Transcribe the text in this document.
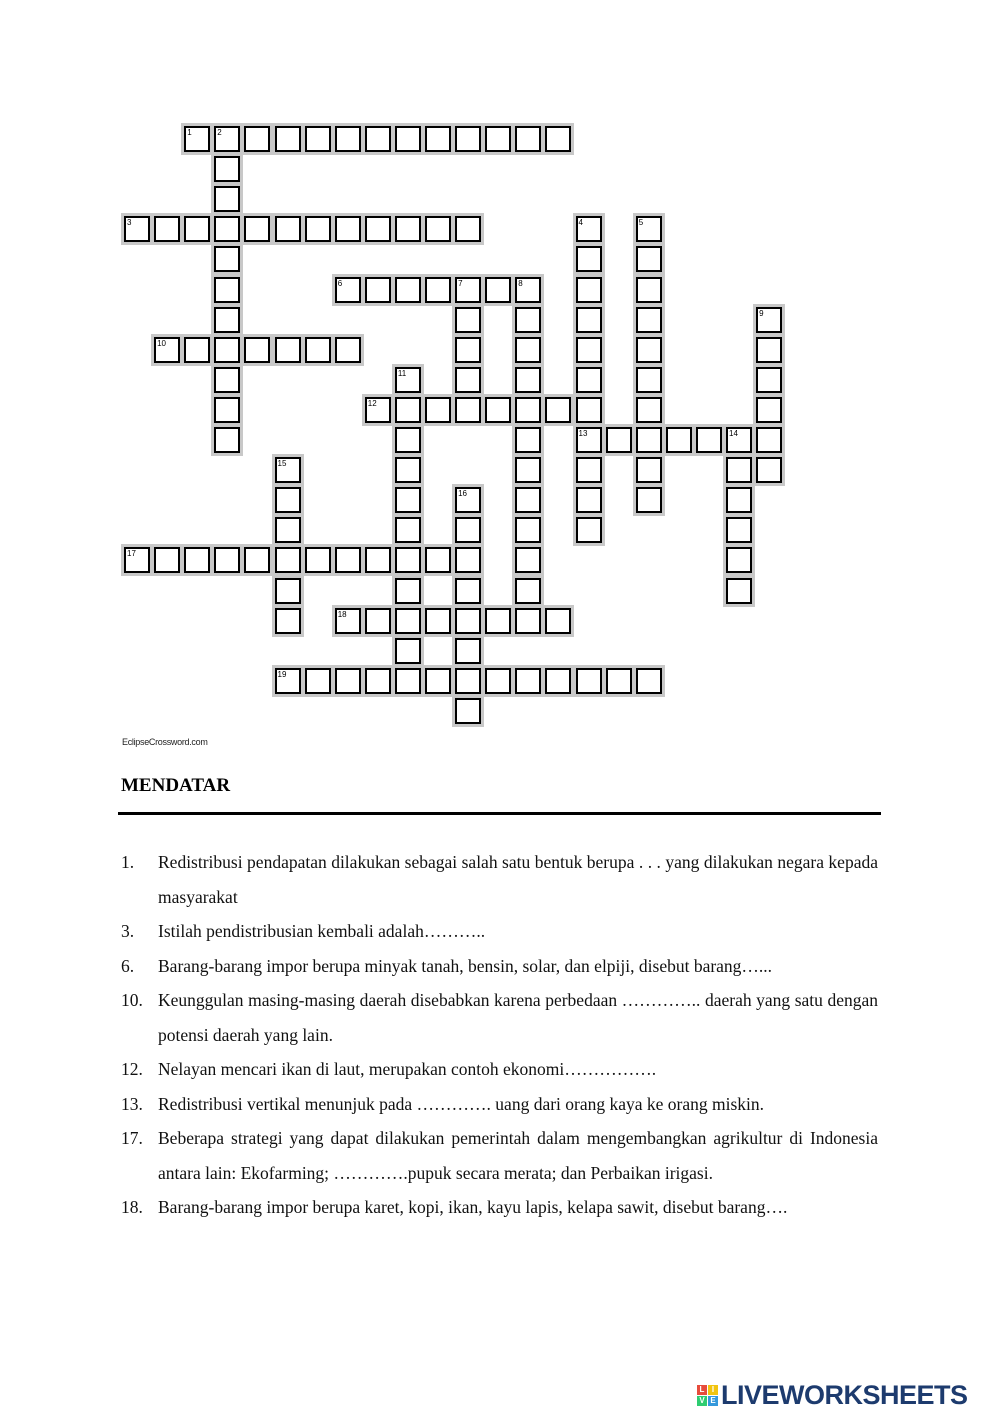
1	2
3	4	5
6	7	8
9
10
11
12
13	14
15
16
17
18
19
EclipseCrossword.com
MENDATAR
1.	Redistribusi pendapatan dilakukan sebagai salah satu bentuk berupa . . . yang dilakukan negara kepada masyarakat
3.	Istilah pendistribusian kembali adalah………..
6.	Barang-barang impor berupa minyak tanah, bensin, solar, dan elpiji, disebut barang…...
10. Keunggulan masing-masing daerah disebabkan karena perbedaan ………….. daerah yang satu dengan potensi daerah yang lain.
12. Nelayan mencari ikan di laut, merupakan contoh ekonomi…………….
13. Redistribusi vertikal menunjuk pada …………. uang dari orang kaya ke orang miskin.
17. Beberapa strategi yang dapat dilakukan pemerintah dalam mengembangkan agrikultur di Indonesia antara lain: Ekofarming; ………….pupuk secara merata; dan Perbaikan irigasi.
18. Barang-barang impor berupa karet, kopi, ikan, kayu lapis, kelapa sawit, disebut barang….
L I
V E LIVEWORKSHEETS
